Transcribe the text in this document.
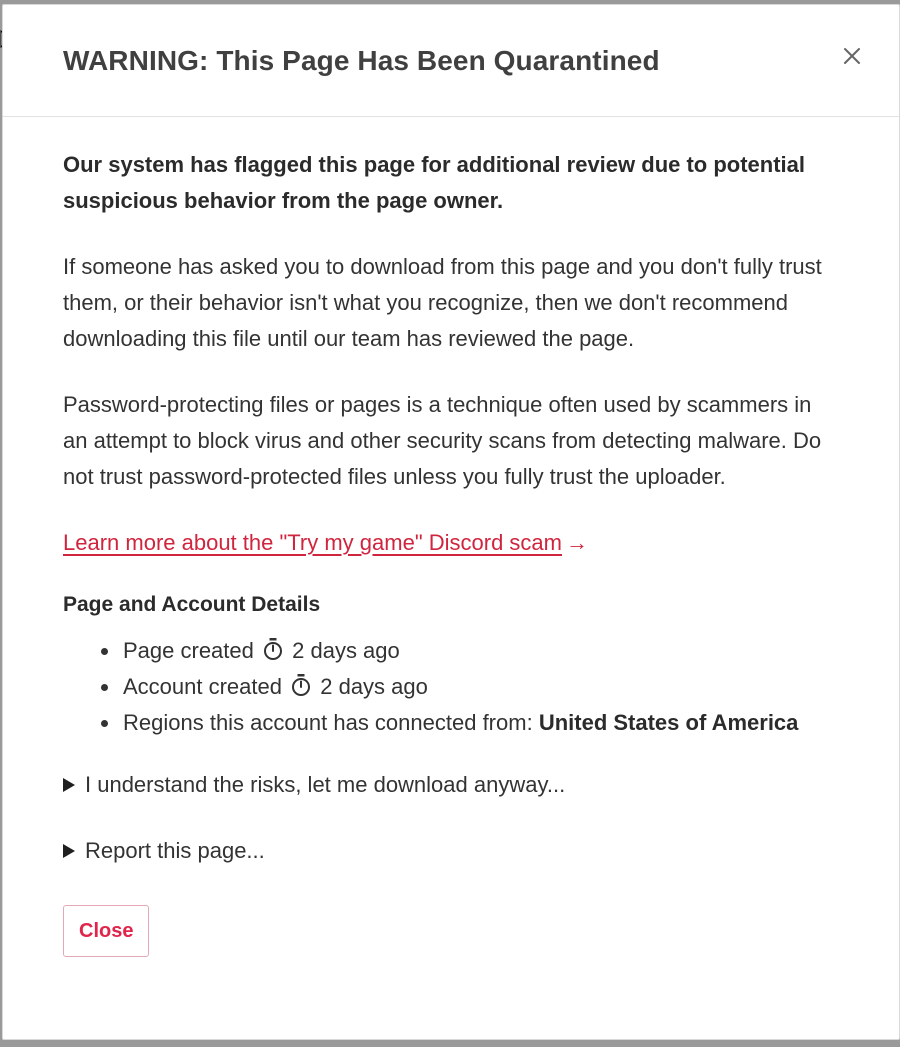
WARNING: This Page Has Been Quarantined

Our system has flagged this page for additional review due to potential suspicious behavior from the page owner.

If someone has asked you to download from this page and you don't fully trust them, or their behavior isn't what you recognize, then we don't recommend downloading this file until our team has reviewed the page.

Password-protecting files or pages is a technique often used by scammers in an attempt to block virus and other security scans from detecting malware. Do not trust password-protected files unless you fully trust the uploader.

Learn more about the "Try my game" Discord scam →

Page and Account Details
Page created 2 days ago
Account created 2 days ago
Regions this account has connected from: United States of America
I understand the risks, let me download anyway...
Report this page...
Close
